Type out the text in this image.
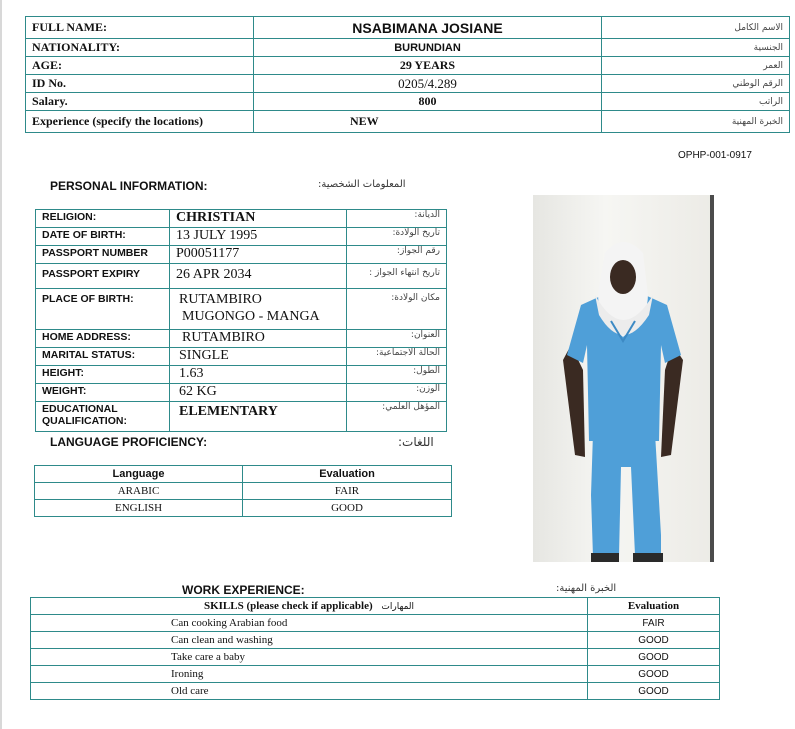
FULL NAME:	NSABIMANA JOSIANE	الاسم الكامل
NATIONALITY:	BURUNDIAN	الجنسية
AGE:	29 YEARS	العمر
ID No.	0205/4.289	الرقم الوطني
Salary.	800	الراتب
Experience (specify the locations)	NEW	الخبرة المهنية
OPHP-001-0917
PERSONAL INFORMATION:	المعلومات الشخصية:
RELIGION:	CHRISTIAN	الديانة:
DATE OF BIRTH:	13 JULY 1995	تاريخ الولادة:
PASSPORT NUMBER	P00051177	رقم الجواز:
PASSPORT EXPIRY	26 APR 2034	تاريخ انتهاء الجواز :
PLACE OF BIRTH:	RUTAMBIRO
MUGONGO - MANGA	مكان الولادة:
HOME ADDRESS:	RUTAMBIRO	العنوان:
MARITAL STATUS:	SINGLE	الحالة الاجتماعية:
HEIGHT:	1.63	الطول:
WEIGHT:	62 KG	الوزن:
EDUCATIONAL QUALIFICATION:	ELEMENTARY	المؤهل العلمي:
LANGUAGE PROFICIENCY:	اللغات:
Language	Evaluation
ARABIC	FAIR
ENGLISH	GOOD
WORK EXPERIENCE:	الخبرة المهنية:
SKILLS (please check if applicable) المهارات	Evaluation
Can cooking Arabian food	FAIR
Can clean and washing	GOOD
Take care a baby	GOOD
Ironing	GOOD
Old care	GOOD
